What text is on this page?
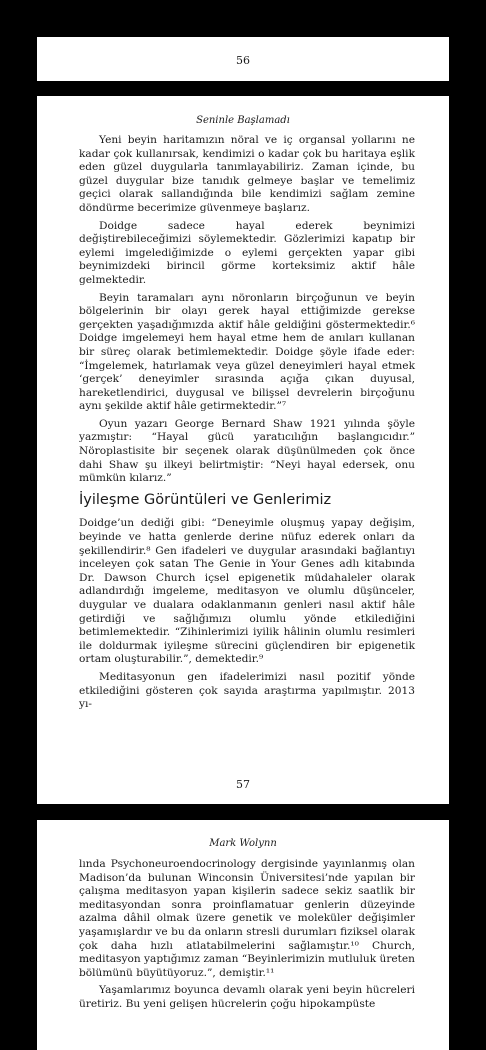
56
Seninle Başlamadı

Yeni beyin haritamızın nöral ve iç organsal yollarını ne kadar çok kullanırsak, kendimizi o kadar çok bu haritaya eşlik eden güzel duygularla tanımlayabiliriz. Zaman içinde, bu güzel duygular bize tanıdık gelmeye başlar ve temelimiz geçici olarak sallandığında bile kendimizi sağlam zemine döndürme becerimize güvenmeye başlarız.

Doidge sadece hayal ederek beynimizi değiştirebileceğimizi söylemektedir. Gözlerimizi kapatıp bir eylemi imgelediğimizde o eylemi gerçekten yapar gibi beynimizdeki birincil görme korteksimiz aktif hâle gelmektedir.

Beyin taramaları aynı nöronların birçoğunun ve beyin bölgelerinin bir olayı gerek hayal ettiğimizde gerekse gerçekten yaşadığımızda aktif hâle geldiğini göstermektedir.⁶ Doidge imgelemeyi hem hayal etme hem de anıları kullanan bir süreç olarak betimlemektedir. Doidge şöyle ifade eder: “İmgelemek, hatırlamak veya güzel deneyimleri hayal etmek ‘gerçek’ deneyimler sırasında açığa çıkan duyusal, hareketlendirici, duygusal ve bilişsel devrelerin birçoğunu aynı şekilde aktif hâle getirmektedir.”⁷

Oyun yazarı George Bernard Shaw 1921 yılında şöyle yazmıştır: “Hayal gücü yaratıcılığın başlangıcıdır.” Nöroplastisite bir seçenek olarak düşünülmeden çok önce dahi Shaw şu ilkeyi belirtmiştir: “Neyi hayal edersek, onu mümkün kılarız.”

İyileşme Görüntüleri ve Genlerimiz

Doidge’un dediği gibi: “Deneyimle oluşmuş yapay değişim, beyinde ve hatta genlerde derine nüfuz ederek onları da şekillendirir.⁸ Gen ifadeleri ve duygular arasındaki bağlantıyı inceleyen çok satan The Genie in Your Genes adlı kitabında Dr. Dawson Church içsel epigenetik müdahaleler olarak adlandırdığı imgeleme, meditasyon ve olumlu düşünceler, duygular ve dualara odaklanmanın genleri nasıl aktif hâle getirdiği ve sağlığımızı olumlu yönde etkilediğini betimlemektedir. “Zihinlerimizi iyilik hâlinin olumlu resimleri ile doldurmak iyileşme sürecini güçlendiren bir epigenetik ortam oluşturabilir.”, demektedir.⁹

Meditasyonun gen ifadelerimizi nasıl pozitif yönde etkilediğini gösteren çok sayıda araştırma yapılmıştır. 2013 yı-

57
Mark Wolynn

lında Psychoneuroendocrinology dergisinde yayınlanmış olan Madison’da bulunan Winconsin Üniversitesi’nde yapılan bir çalışma meditasyon yapan kişilerin sadece sekiz saatlik bir meditasyondan sonra proinflamatuar genlerin düzeyinde azalma dâhil olmak üzere genetik ve moleküler değişimler yaşamışlardır ve bu da onların stresli durumları fiziksel olarak çok daha hızlı atlatabilmelerini sağlamıştır.¹⁰ Church, meditasyon yaptığımız zaman “Beyinlerimizin mutluluk üreten bölümünü büyütüyoruz.”, demiştir.¹¹

Yaşamlarımız boyunca devamlı olarak yeni beyin hücreleri üretiriz. Bu yeni gelişen hücrelerin çoğu hipokampüste
